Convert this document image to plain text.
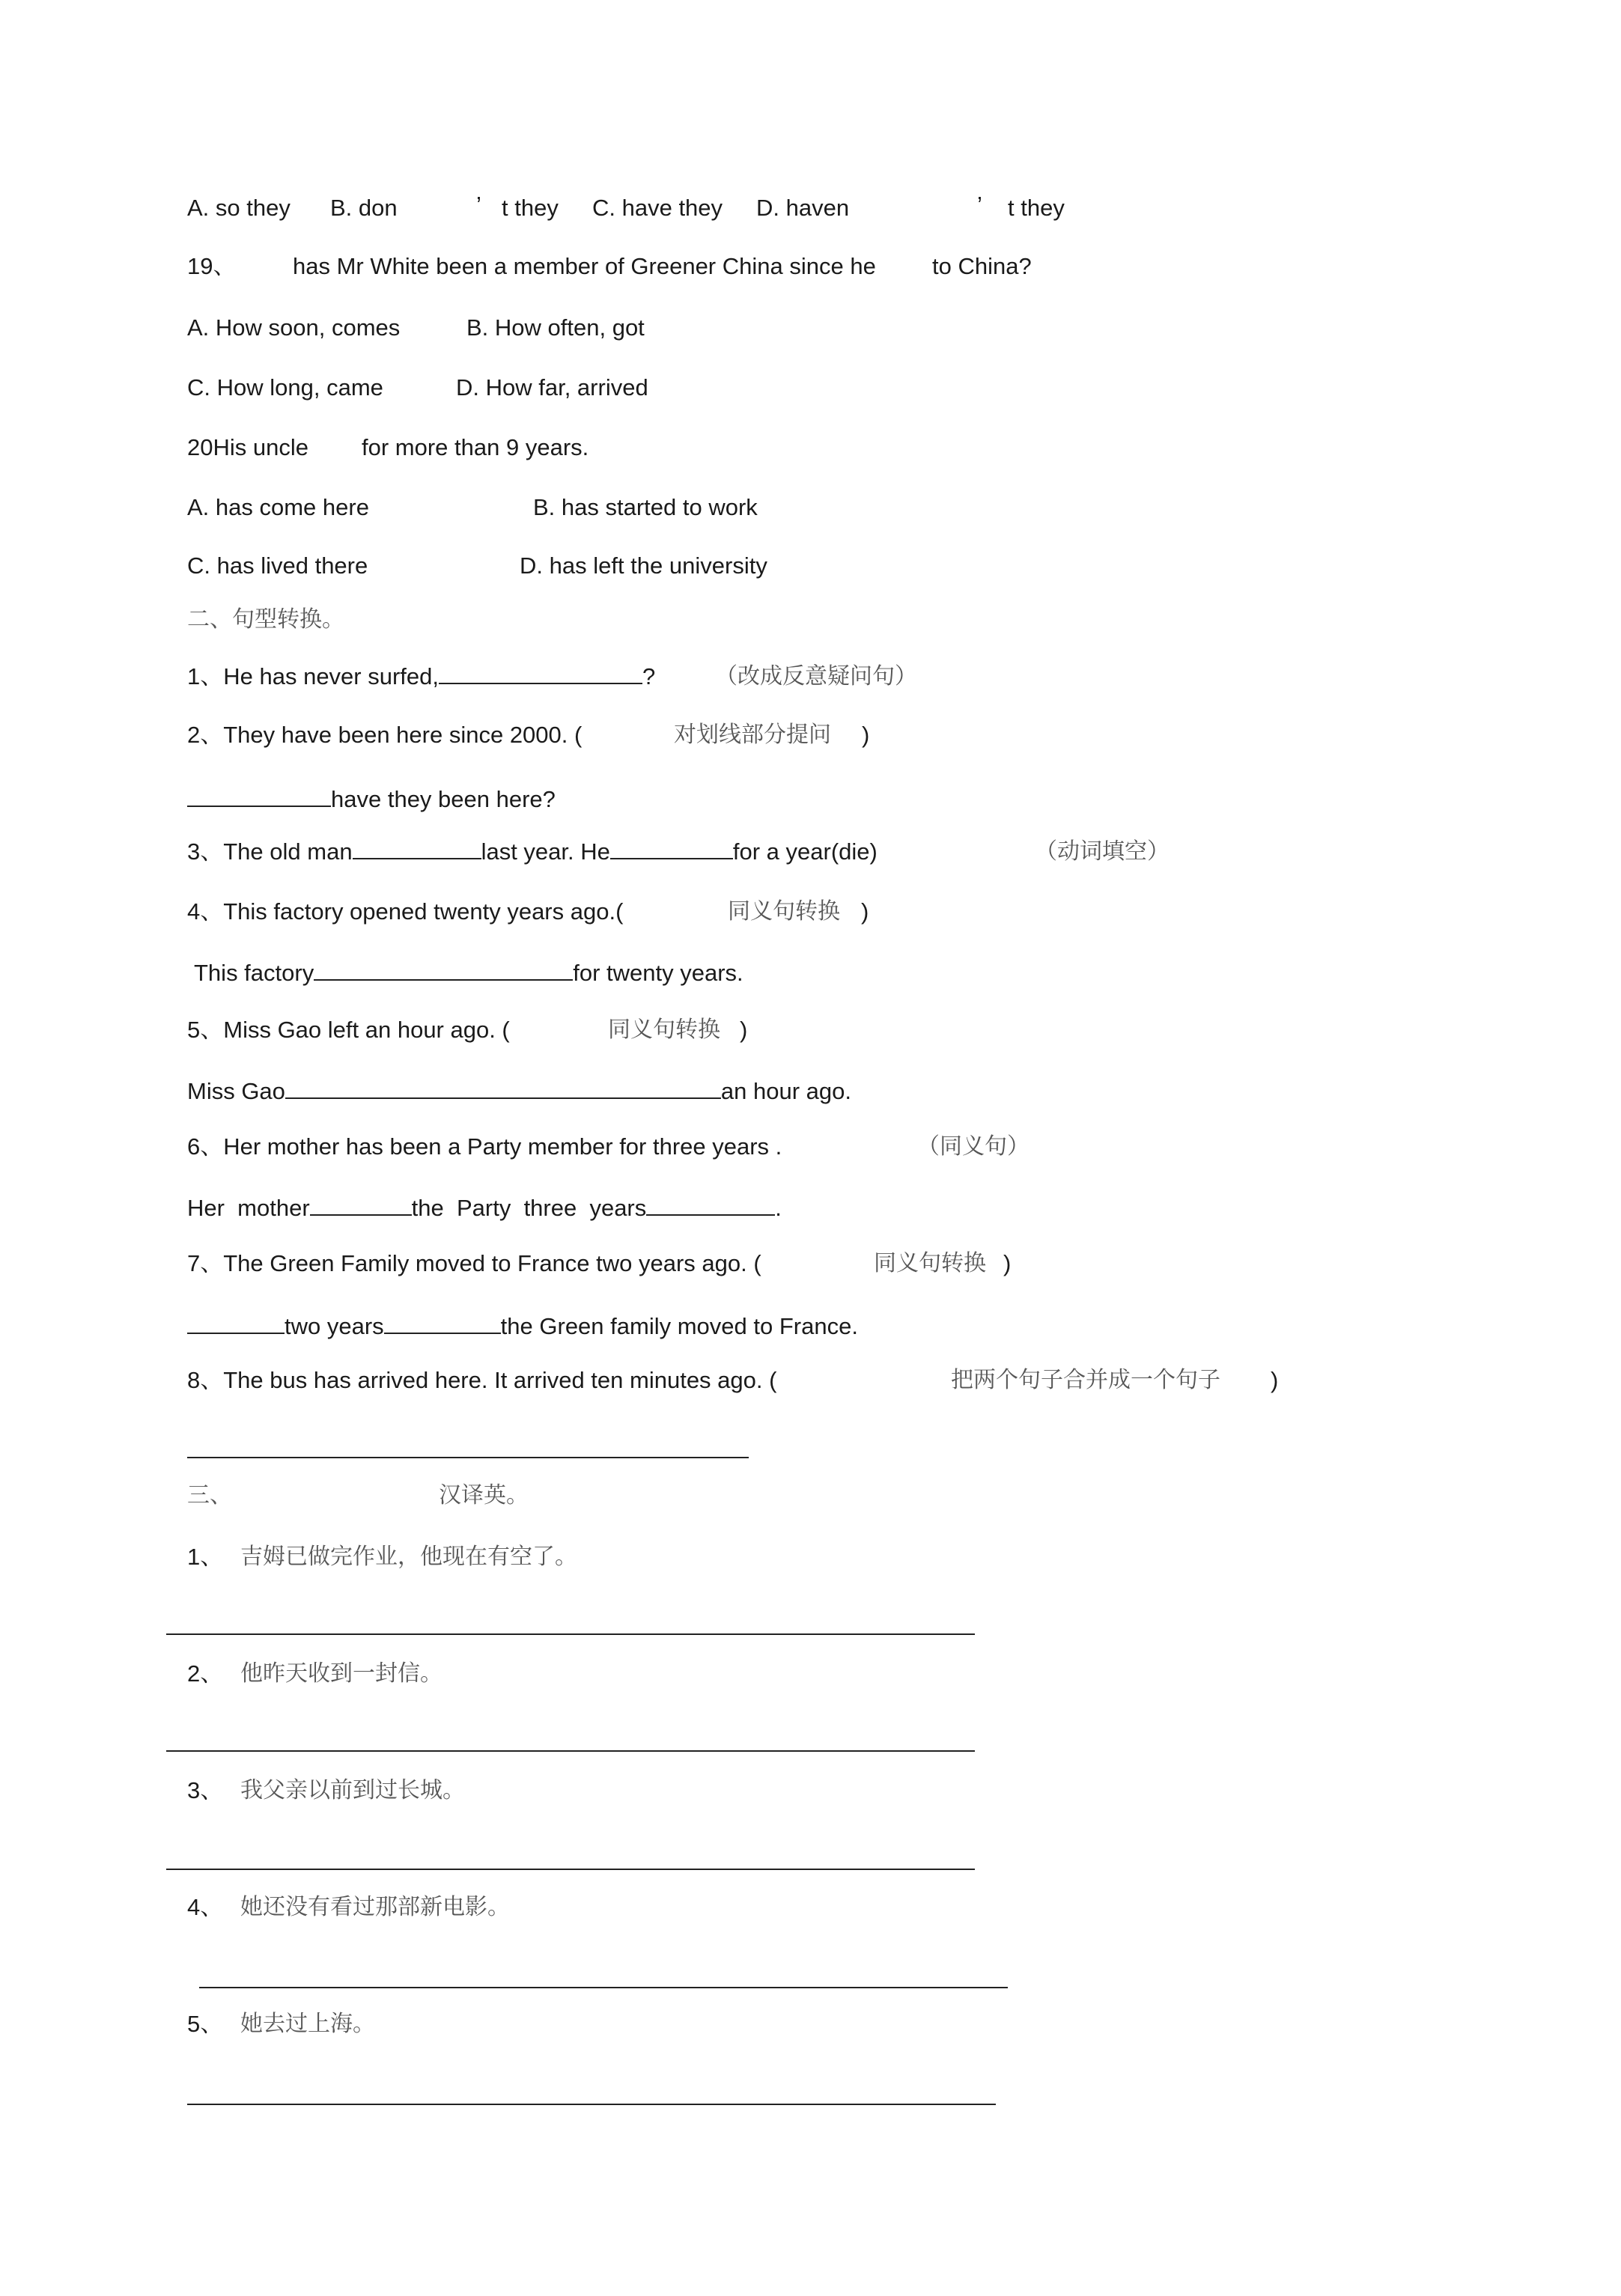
A. so they B. don	’ t they C. have they D. haven	’ t they
19、 has Mr White been a member of Greener China since he to China?
A. How soon, comes	B. How often, got
C. How long, came	D. How far, arrived
20His uncle for more than 9 years.
A. has come here	B. has started to work
C. has lived there	D. has left the university
二、句型转换。
1、He has never surfed,	?	（改成反意疑问句）
2、They have been here since 2000. (	对划线部分提问 )
have they been here?
3、The old man	last year. He	for a year(die)	（动词填空）
4、This factory opened twenty years ago.(	同义句转换 )
This factory	for twenty years.
5、Miss Gao left an hour ago. (	同义句转换 )
Miss Gao	an hour ago.
6、Her mother has been a Party member for three years .	（同义句）
Her  mother	the  Party  three  years	.
7、The Green Family moved to France two years ago. (	同义句转换 )
two years	the Green family moved to France.
8、The bus has arrived here. It arrived ten minutes ago. (	把两个句子合并成一个句子 )
三、	汉译英。
1、 吉姆已做完作业，他现在有空了。
2、 他昨天收到一封信。
3、 我父亲以前到过长城。
4、 她还没有看过那部新电影。
5、 她去过上海。
